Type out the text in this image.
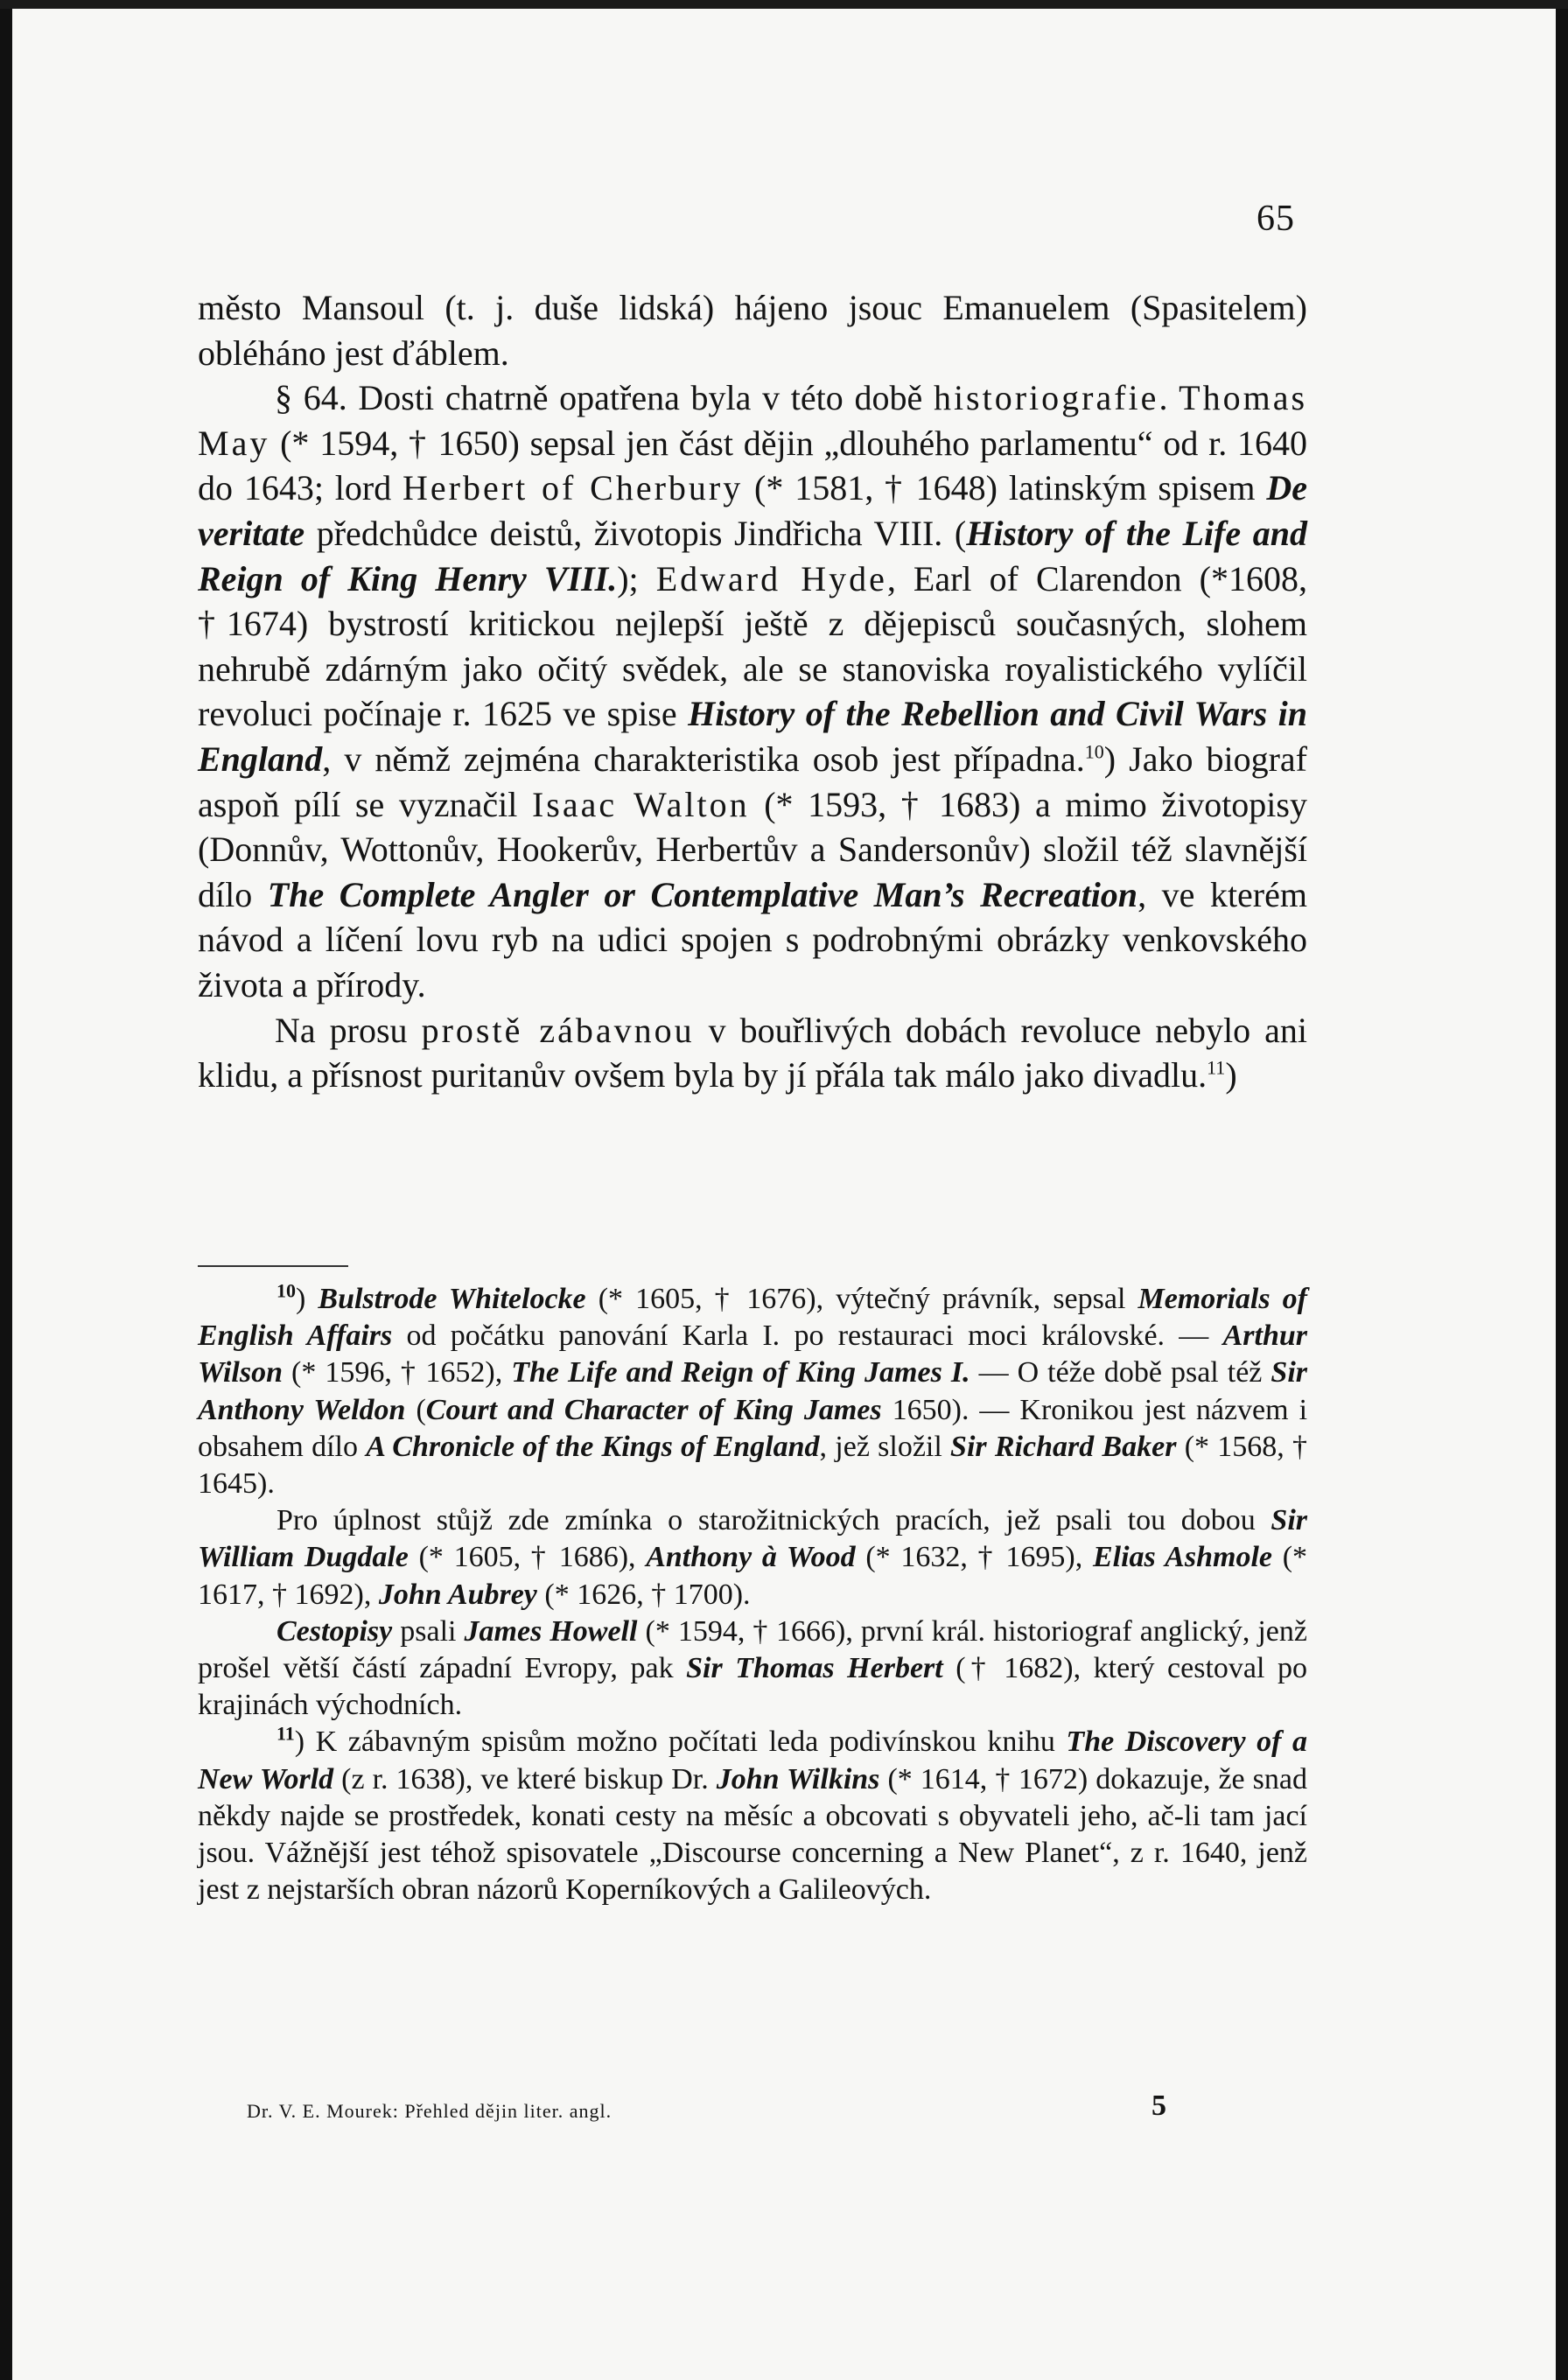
65

město Mansoul (t. j. duše lidská) hájeno jsouc Emanuelem (Spasitelem) obléháno jest ďáblem.

§ 64. Dosti chatrně opatřena byla v této době historiografie. Thomas May (* 1594, † 1650) sepsal jen část dějin „dlouhého parlamentu“ od r. 1640 do 1643; lord Herbert of Cherbury (* 1581, † 1648) latinským spisem De veritate předchůdce deistů, životopis Jindřicha VIII. (History of the Life and Reign of King Henry VIII.); Edward Hyde, Earl of Clarendon (*1608, †1674) bystrostí kritickou nejlepší ještě z dějepisců současných, slohem nehrubě zdárným jako očitý svědek, ale se stanoviska royalistického vylíčil revoluci počínaje r. 1625 ve spise History of the Rebellion and Civil Wars in England, v němž zejména charakteristika osob jest případna.$^{10}$) Jako biograf aspoň pílí se vyznačil Isaac Walton (* 1593, † 1683) a mimo životopisy (Donnův, Wottonův, Hookerův, Herbertův a Sandersonův) složil též slavnější dílo The Complete Angler or Contemplative Man’s Recreation, ve kterém návod a líčení lovu ryb na udici spojen s podrobnými obrázky venkovského života a přírody.

Na prosu prostě zábavnou v bouřlivých dobách revoluce nebylo ani klidu, a přísnost puritanův ovšem byla by jí přála tak málo jako divadlu.$^{11}$)

$^{10}$) Bulstrode Whitelocke (* 1605, † 1676), výtečný právník, sepsal Memorials of English Affairs od počátku panování Karla I. po restauraci moci královské. — Arthur Wilson (* 1596, † 1652), The Life and Reign of King James I. — O téže době psal též Sir Anthony Weldon (Court and Character of King James 1650). — Kronikou jest názvem i obsahem dílo A Chronicle of the Kings of England, jež složil Sir Richard Baker (* 1568, † 1645).

Pro úplnost stůjž zde zmínka o starožitnických pracích, jež psali tou dobou Sir William Dugdale (* 1605, † 1686), Anthony à Wood (* 1632, † 1695), Elias Ashmole (* 1617, † 1692), John Aubrey (* 1626, † 1700).

Cestopisy psali James Howell (* 1594, † 1666), první král. historiograf anglický, jenž prošel větší částí západní Evropy, pak Sir Thomas Herbert († 1682), který cestoval po krajinách východních.

$^{11}$) K zábavným spisům možno počítati leda podivínskou knihu The Discovery of a New World (z r. 1638), ve které biskup Dr. John Wilkins (* 1614, † 1672) dokazuje, že snad někdy najde se prostředek, konati cesty na měsíc a obcovati s obyvateli jeho, ač-li tam jací jsou. Vážnější jest téhož spisovatele „Discourse concerning a New Planet“, z r. 1640, jenž jest z nejstarších obran názorů Koperníkových a Galileových.

Dr. V. E. Mourek: Přehled dějin liter. angl.	5
